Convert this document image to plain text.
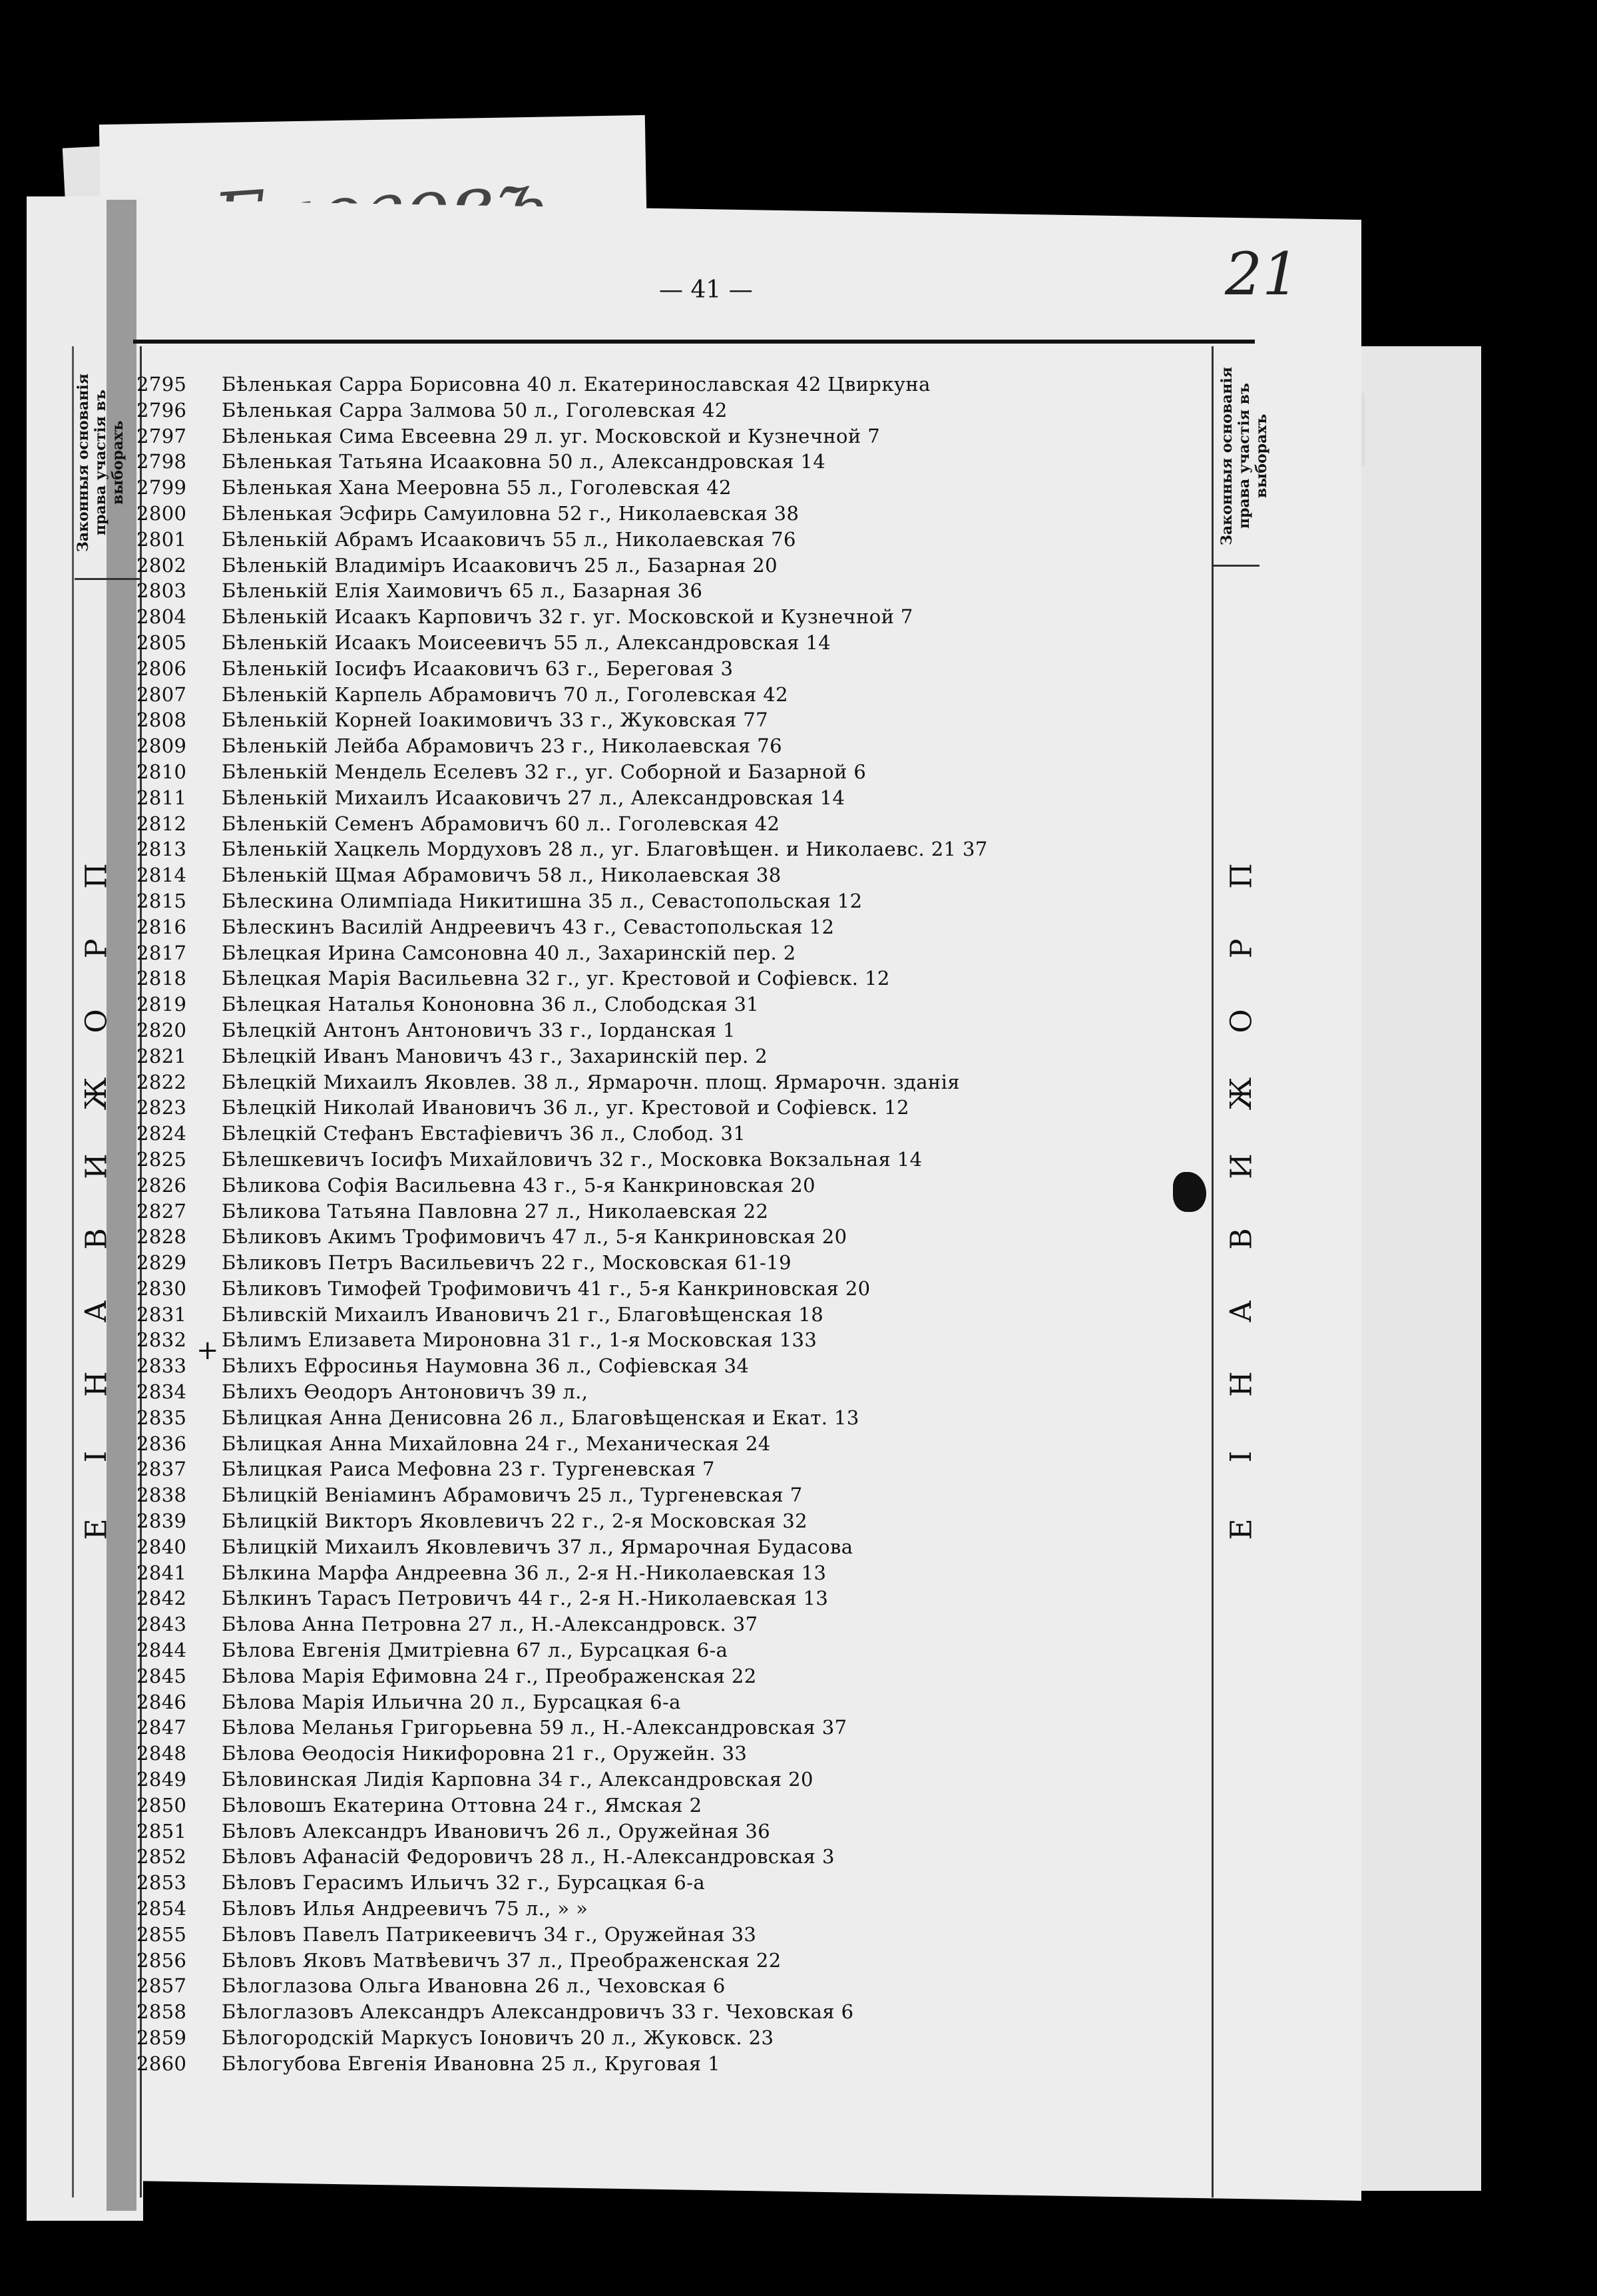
— 41 —	21
Законныя основанія права участія въ выборахъ	Законныя основанія права участія въ выборахъ
П
Р
О
Ж
И
В
А
Н
І
Е
П
Р
О
Ж
И
В
А
Н
І
Е
+
2795	Бѣленькая Сарра Борисовна 40 л. Екатеринославская 42 Цвиркуна
2796	Бѣленькая Сарра Залмова 50 л., Гоголевская 42
2797	Бѣленькая Сима Евсеевна 29 л. уг. Московской и Кузнечной 7
2798	Бѣленькая Татьяна Исааковна 50 л., Александровская 14
2799	Бѣленькая Хана Мееровна 55 л., Гоголевская 42
2800	Бѣленькая Эсфирь Самуиловна 52 г., Николаевская 38
2801	Бѣленькій Абрамъ Исааковичъ 55 л., Николаевская 76
2802	Бѣленькій Владиміръ Исааковичъ 25 л., Базарная 20
2803	Бѣленькій Елія Хаимовичъ 65 л., Базарная 36
2804	Бѣленькій Исаакъ Карповичъ 32 г. уг. Московской и Кузнечной 7
2805	Бѣленькій Исаакъ Моисеевичъ 55 л., Александровская 14
2806	Бѣленькій Іосифъ Исааковичъ 63 г., Береговая 3
2807	Бѣленькій Карпель Абрамовичъ 70 л., Гоголевская 42
2808	Бѣленькій Корней Іоакимовичъ 33 г., Жуковская 77
2809	Бѣленькій Лейба Абрамовичъ 23 г., Николаевская 76
2810	Бѣленькій Мендель Еселевъ 32 г., уг. Соборной и Базарной 6
2811	Бѣленькій Михаилъ Исааковичъ 27 л., Александровская 14
2812	Бѣленькій Семенъ Абрамовичъ 60 л.. Гоголевская 42
2813	Бѣленькій Хацкель Мордуховъ 28 л., уг. Благовѣщен. и Николаевс. 21 37
2814	Бѣленькій Щмая Абрамовичъ 58 л., Николаевская 38
2815	Бѣлескина Олимпіада Никитишна 35 л., Севастопольская 12
2816	Бѣлескинъ Василій Андреевичъ 43 г., Севастопольская 12
2817	Бѣлецкая Ирина Самсоновна 40 л., Захаринскій пер. 2
2818	Бѣлецкая Марія Васильевна 32 г., уг. Крестовой и Софіевск. 12
2819	Бѣлецкая Наталья Кононовна 36 л., Слободская 31
2820	Бѣлецкій Антонъ Антоновичъ 33 г., Іорданская 1
2821	Бѣлецкій Иванъ Мановичъ 43 г., Захаринскій пер. 2
2822	Бѣлецкій Михаилъ Яковлев. 38 л., Ярмарочн. площ. Ярмарочн. зданія
2823	Бѣлецкій Николай Ивановичъ 36 л., уг. Крестовой и Софіевск. 12
2824	Бѣлецкій Стефанъ Евстафіевичъ 36 л., Слобод. 31
2825	Бѣлешкевичъ Іосифъ Михайловичъ 32 г., Московка Вокзальная 14
2826	Бѣликова Софія Васильевна 43 г., 5-я Канкриновская 20
2827	Бѣликова Татьяна Павловна 27 л., Николаевская 22
2828	Бѣликовъ Акимъ Трофимовичъ 47 л., 5-я Канкриновская 20
2829	Бѣликовъ Петръ Васильевичъ 22 г., Московская 61-19
2830	Бѣликовъ Тимофей Трофимовичъ 41 г., 5-я Канкриновская 20
2831	Бѣливскій Михаилъ Ивановичъ 21 г., Благовѣщенская 18
2832	Бѣлимъ Елизавета Мироновна 31 г., 1-я Московская 133
2833	Бѣлихъ Ефросинья Наумовна 36 л., Софіевская 34
2834	Бѣлихъ Өеодоръ Антоновичъ 39 л.,
2835	Бѣлицкая Анна Денисовна 26 л., Благовѣщенская и Екат. 13
2836	Бѣлицкая Анна Михайловна 24 г., Механическая 24
2837	Бѣлицкая Раиса Мефовна 23 г. Тургеневская 7
2838	Бѣлицкій Веніаминъ Абрамовичъ 25 л., Тургеневская 7
2839	Бѣлицкій Викторъ Яковлевичъ 22 г., 2-я Московская 32
2840	Бѣлицкій Михаилъ Яковлевичъ 37 л., Ярмарочная Будасова
2841	Бѣлкина Марфа Андреевна 36 л., 2-я Н.-Николаевская 13
2842	Бѣлкинъ Тарасъ Петровичъ 44 г., 2-я Н.-Николаевская 13
2843	Бѣлова Анна Петровна 27 л., Н.-Александровск. 37
2844	Бѣлова Евгенія Дмитріевна 67 л., Бурсацкая 6-а
2845	Бѣлова Марія Ефимовна 24 г., Преображенская 22
2846	Бѣлова Марія Ильична 20 л., Бурсацкая 6-а
2847	Бѣлова Меланья Григорьевна 59 л., Н.-Александровская 37
2848	Бѣлова Өеодосія Никифоровна 21 г., Оружейн. 33
2849	Бѣловинская Лидія Карповна 34 г., Александровская 20
2850	Бѣловошъ Екатерина Оттовна 24 г., Ямская 2
2851	Бѣловъ Александръ Ивановичъ 26 л., Оружейная 36
2852	Бѣловъ Афанасій Федоровичъ 28 л., Н.-Александровская 3
2853	Бѣловъ Герасимъ Ильичъ 32 г., Бурсацкая 6-а
2854	Бѣловъ Илья Андреевичъ 75 л., » »
2855	Бѣловъ Павелъ Патрикеевичъ 34 г., Оружейная 33
2856	Бѣловъ Яковъ Матвѣевичъ 37 л., Преображенская 22
2857	Бѣлоглазова Ольга Ивановна 26 л., Чеховская 6
2858	Бѣлоглазовъ Александръ Александровичъ 33 г. Чеховская 6
2859	Бѣлогородскій Маркусъ Іоновичъ 20 л., Жуковск. 23
2860	Бѣлогубова Евгенія Ивановна 25 л., Круговая 1
